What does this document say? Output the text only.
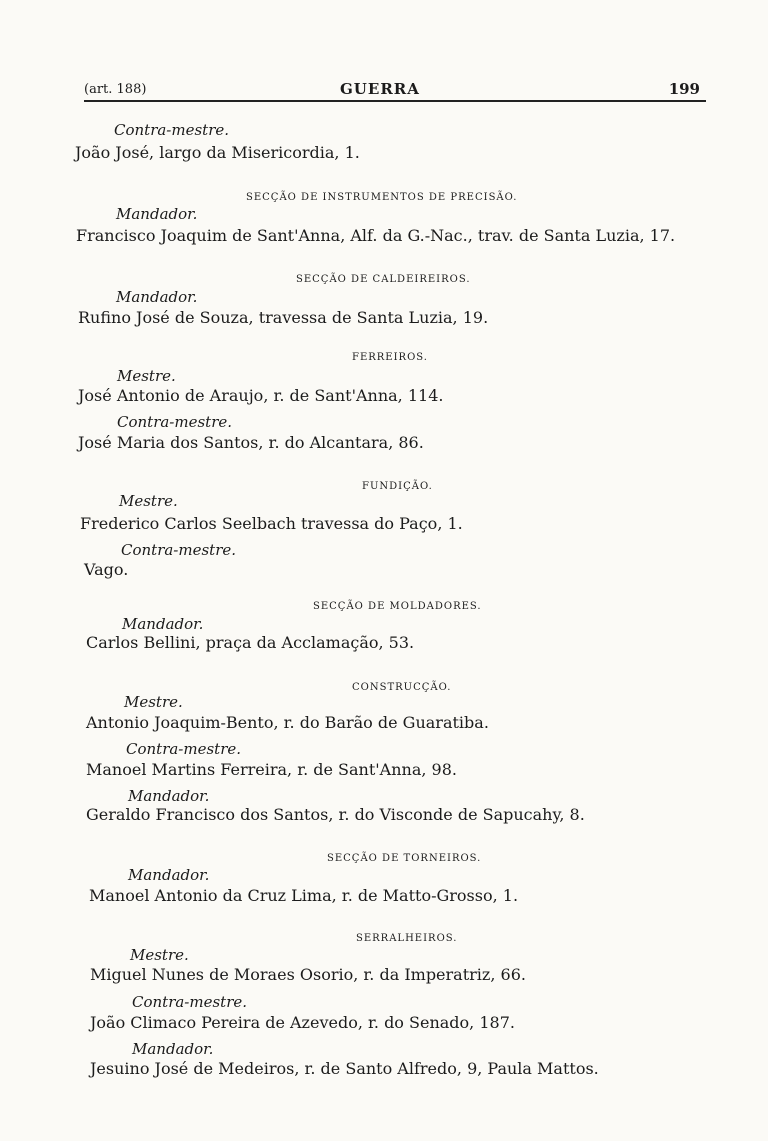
(art. 188)	GUERRA	199
Contra-mestre.
João José, largo da Misericordia, 1.
SECÇÃO DE INSTRUMENTOS DE PRECISÃO.
Mandador.
Francisco Joaquim de Sant'Anna, Alf. da G.-Nac., trav. de Santa Luzia, 17.
SECÇÃO DE CALDEIREIROS.
Mandador.
Rufino José de Souza, travessa de Santa Luzia, 19.
FERREIROS.
Mestre.
José Antonio de Araujo, r. de Sant'Anna, 114.
Contra-mestre.
José Maria dos Santos, r. do Alcantara, 86.
FUNDIÇÃO.
Mestre.
Frederico Carlos Seelbach travessa do Paço, 1.
Contra-mestre.
Vago.
SECÇÃO DE MOLDADORES.
Mandador.
Carlos Bellini, praça da Acclamação, 53.
CONSTRUCÇÃO.
Mestre.
Antonio Joaquim-Bento, r. do Barão de Guaratiba.
Contra-mestre.
Manoel Martins Ferreira, r. de Sant'Anna, 98.
Mandador.
Geraldo Francisco dos Santos, r. do Visconde de Sapucahy, 8.
SECÇÃO DE TORNEIROS.
Mandador.
Manoel Antonio da Cruz Lima, r. de Matto-Grosso, 1.
SERRALHEIROS.
Mestre.
Miguel Nunes de Moraes Osorio, r. da Imperatriz, 66.
Contra-mestre.
João Climaco Pereira de Azevedo, r. do Senado, 187.
Mandador.
Jesuino José de Medeiros, r. de Santo Alfredo, 9, Paula Mattos.
